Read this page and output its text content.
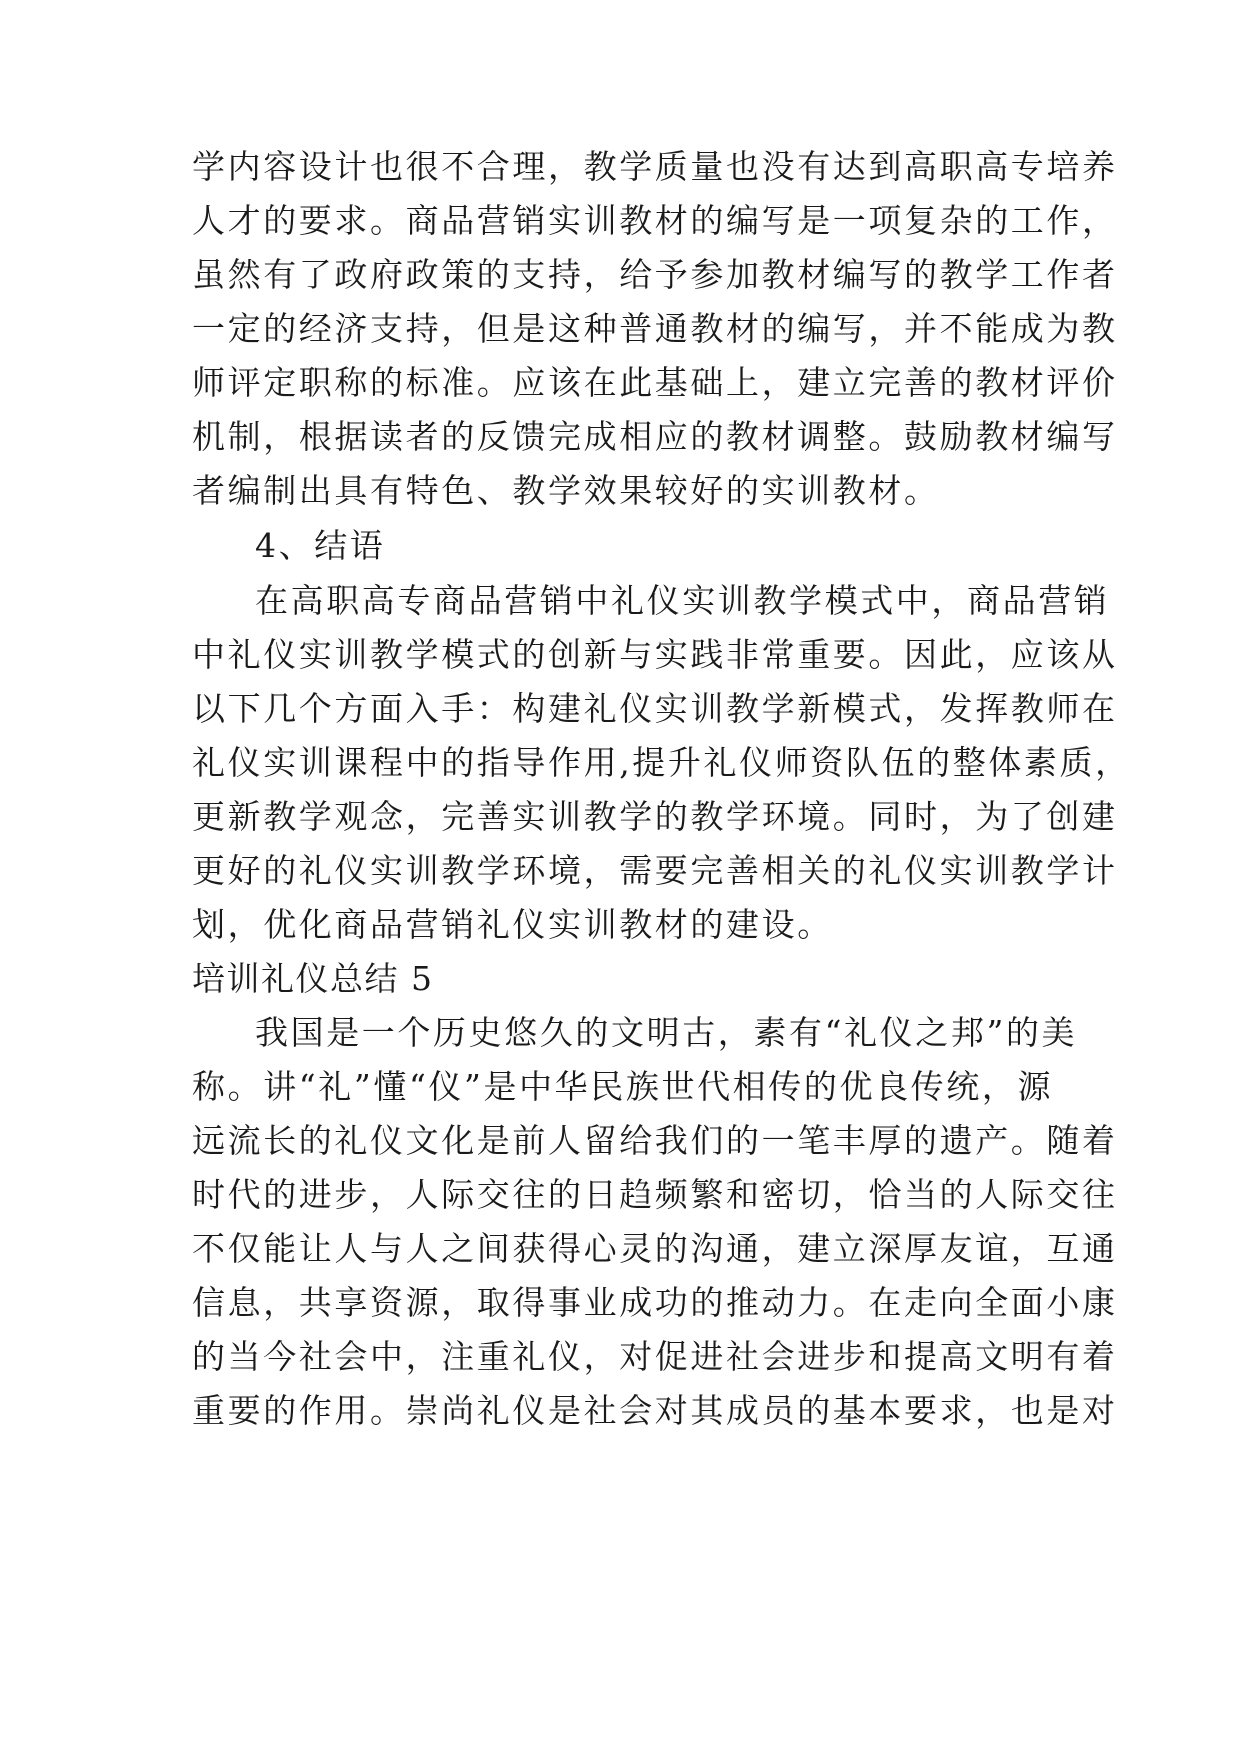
学内容设计也很不合理，教学质量也没有达到高职高专培养
人才的要求。商品营销实训教材的编写是一项复杂的工作，
虽然有了政府政策的支持，给予参加教材编写的教学工作者
一定的经济支持，但是这种普通教材的编写，并不能成为教
师评定职称的标准。应该在此基础上，建立完善的教材评价
机制，根据读者的反馈完成相应的教材调整。鼓励教材编写
者编制出具有特色、教学效果较好的实训教材。
4、结语
在高职高专商品营销中礼仪实训教学模式中，商品营销
中礼仪实训教学模式的创新与实践非常重要。因此，应该从
以下几个方面入手：构建礼仪实训教学新模式，发挥教师在
礼仪实训课程中的指导作用,提升礼仪师资队伍的整体素质，
更新教学观念，完善实训教学的教学环境。同时，为了创建
更好的礼仪实训教学环境，需要完善相关的礼仪实训教学计
划，优化商品营销礼仪实训教材的建设。
培训礼仪总结 5
我国是一个历史悠久的文明古，素有“礼仪之邦”的美
称。讲“礼”懂“仪”是中华民族世代相传的优良传统，源
远流长的礼仪文化是前人留给我们的一笔丰厚的遗产。随着
时代的进步，人际交往的日趋频繁和密切，恰当的人际交往
不仅能让人与人之间获得心灵的沟通，建立深厚友谊，互通
信息，共享资源，取得事业成功的推动力。在走向全面小康
的当今社会中，注重礼仪，对促进社会进步和提高文明有着
重要的作用。崇尚礼仪是社会对其成员的基本要求，也是对
